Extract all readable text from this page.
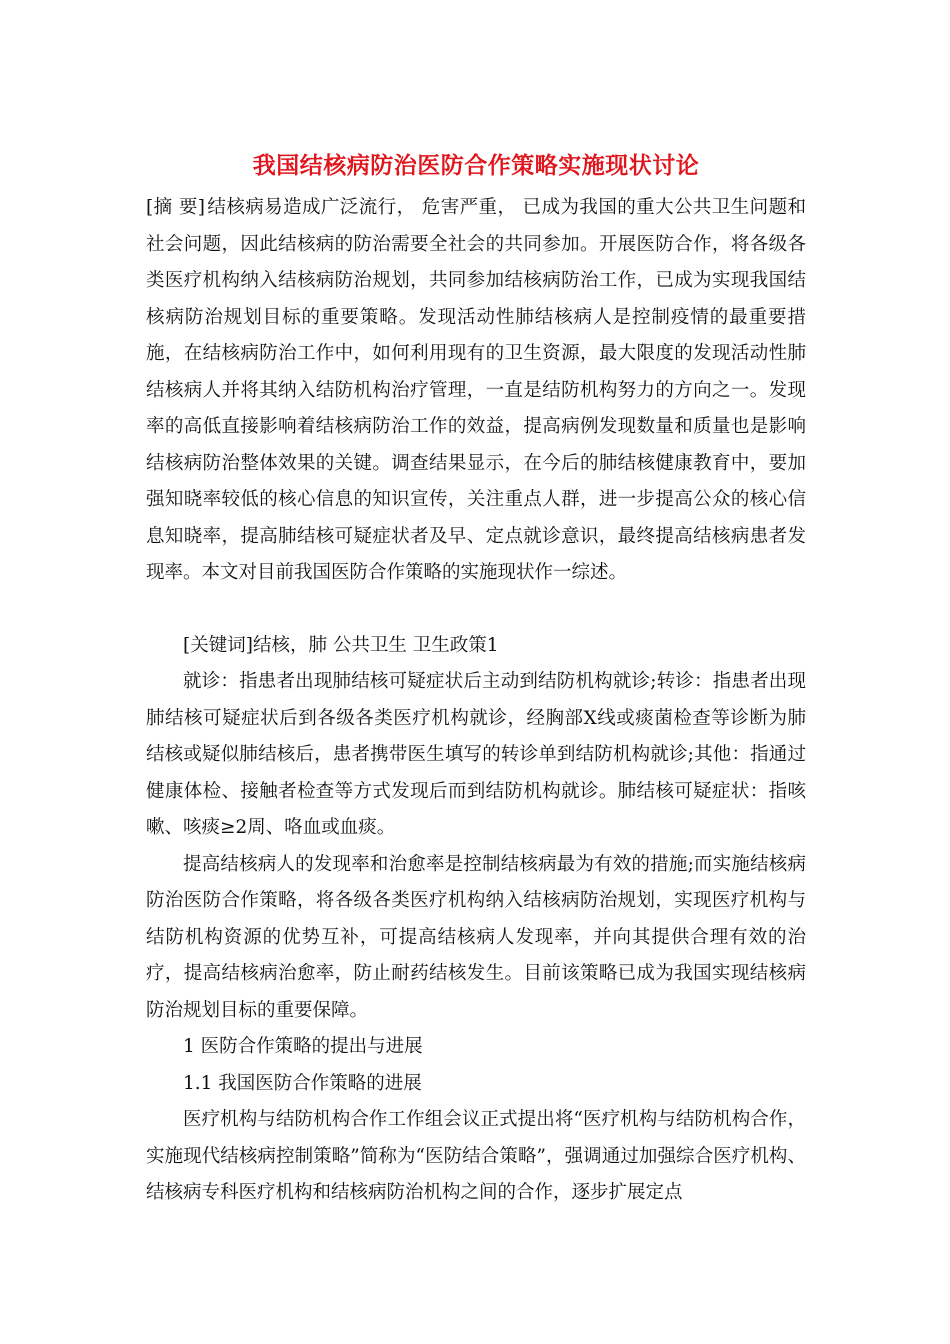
我国结核病防治医防合作策略实施现状讨论

[摘 要] 结核病易造成广泛流行， 危害严重， 已成为我国的重大公共卫生问题和社会问题，因此结核病的防治需要全社会的共同参加。开展医防合作，将各级各类医疗机构纳入结核病防治规划，共同参加结核病防治工作，已成为实现我国结核病防治规划目标的重要策略。发现活动性肺结核病人是控制疫情的最重要措施，在结核病防治工作中，如何利用现有的卫生资源，最大限度的发现活动性肺结核病人并将其纳入结防机构治疗管理，一直是结防机构努力的方向之一。发现率的高低直接影响着结核病防治工作的效益，提高病例发现数量和质量也是影响结核病防治整体效果的关键。调查结果显示，在今后的肺结核健康教育中，要加强知晓率较低的核心信息的知识宣传，关注重点人群，进一步提高公众的核心信息知晓率，提高肺结核可疑症状者及早、定点就诊意识，最终提高结核病患者发现率。本文对目前我国医防合作策略的实施现状作一综述。

[关键词]结核，肺 公共卫生 卫生政策1

就诊：指患者出现肺结核可疑症状后主动到结防机构就诊;转诊：指患者出现肺结核可疑症状后到各级各类医疗机构就诊，经胸部X线或痰菌检查等诊断为肺结核或疑似肺结核后，患者携带医生填写的转诊单到结防机构就诊;其他：指通过健康体检、接触者检查等方式发现后而到结防机构就诊。肺结核可疑症状：指咳嗽、咳痰≥2周、咯血或血痰。

提高结核病人的发现率和治愈率是控制结核病最为有效的措施;而实施结核病防治医防合作策略，将各级各类医疗机构纳入结核病防治规划，实现医疗机构与结防机构资源的优势互补，可提高结核病人发现率，并向其提供合理有效的治疗，提高结核病治愈率，防止耐药结核发生。目前该策略已成为我国实现结核病防治规划目标的重要保障。

1 医防合作策略的提出与进展

1.1 我国医防合作策略的进展

医疗机构与结防机构合作工作组会议正式提出将“医疗机构与结防机构合作，实施现代结核病控制策略”简称为“医防结合策略”，强调通过加强综合医疗机构、结核病专科医疗机构和结核病防治机构之间的合作，逐步扩展定点
